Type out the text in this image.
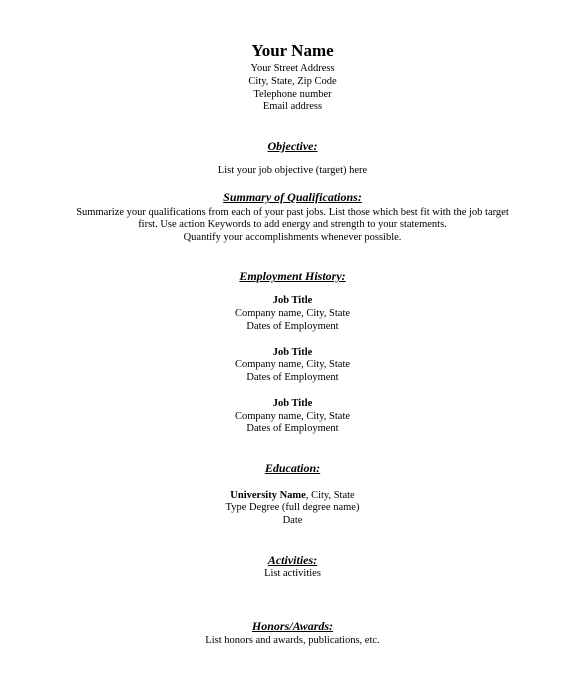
Your Name
Your Street Address
City, State, Zip Code
Telephone number
Email address
Objective:
List your job objective (target) here
Summary of Qualifications:
Summarize your qualifications from each of your past jobs. List those which best fit with the job target
first. Use action Keywords to add energy and strength to your statements.
Quantify your accomplishments whenever possible.
Employment History:
Job Title
Company name, City, State
Dates of Employment
Job Title
Company name, City, State
Dates of Employment
Job Title
Company name, City, State
Dates of Employment
Education:
University Name, City, State
Type Degree (full degree name)
Date
Activities:
List activities
Honors/Awards:
List honors and awards, publications, etc.
